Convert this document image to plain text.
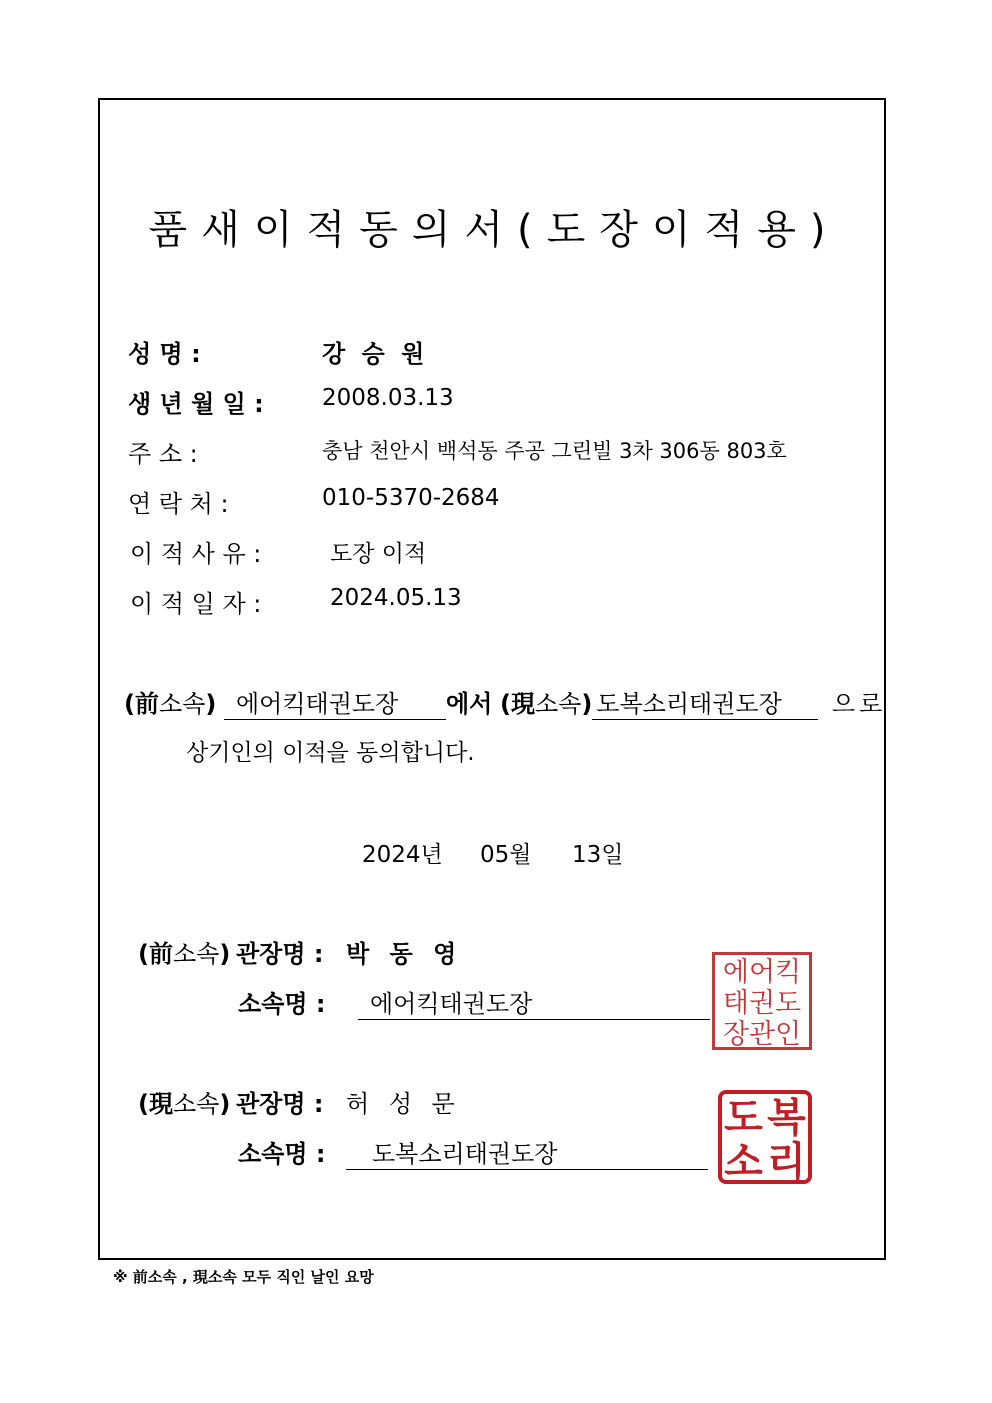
품새이적동의서(도장이적용)
성 명 :	강 승 원
생 년 월 일 :	2008.03.13
주 소 :	충남 천안시 백석동 주공 그린빌 3차 306동 803호
연 락 처 :	010-5370-2684
이 적 사 유 :	도장 이적
이 적 일 자 :	2024.05.13
(前소속) 에어킥태권도장 에서 (現소속) 도복소리태권도장 으로
상기인의 이적을 동의합니다.
2024년 05월 13일
(前소속) 관장명 : 박 동 영
소속명 :	에어킥태권도장
에어킥
태권도
장관인
(現소속) 관장명 : 허 성 문
소속명 :	도복소리태권도장
도 복
소 리
※ 前소속 , 現소속 모두 직인 날인 요망
